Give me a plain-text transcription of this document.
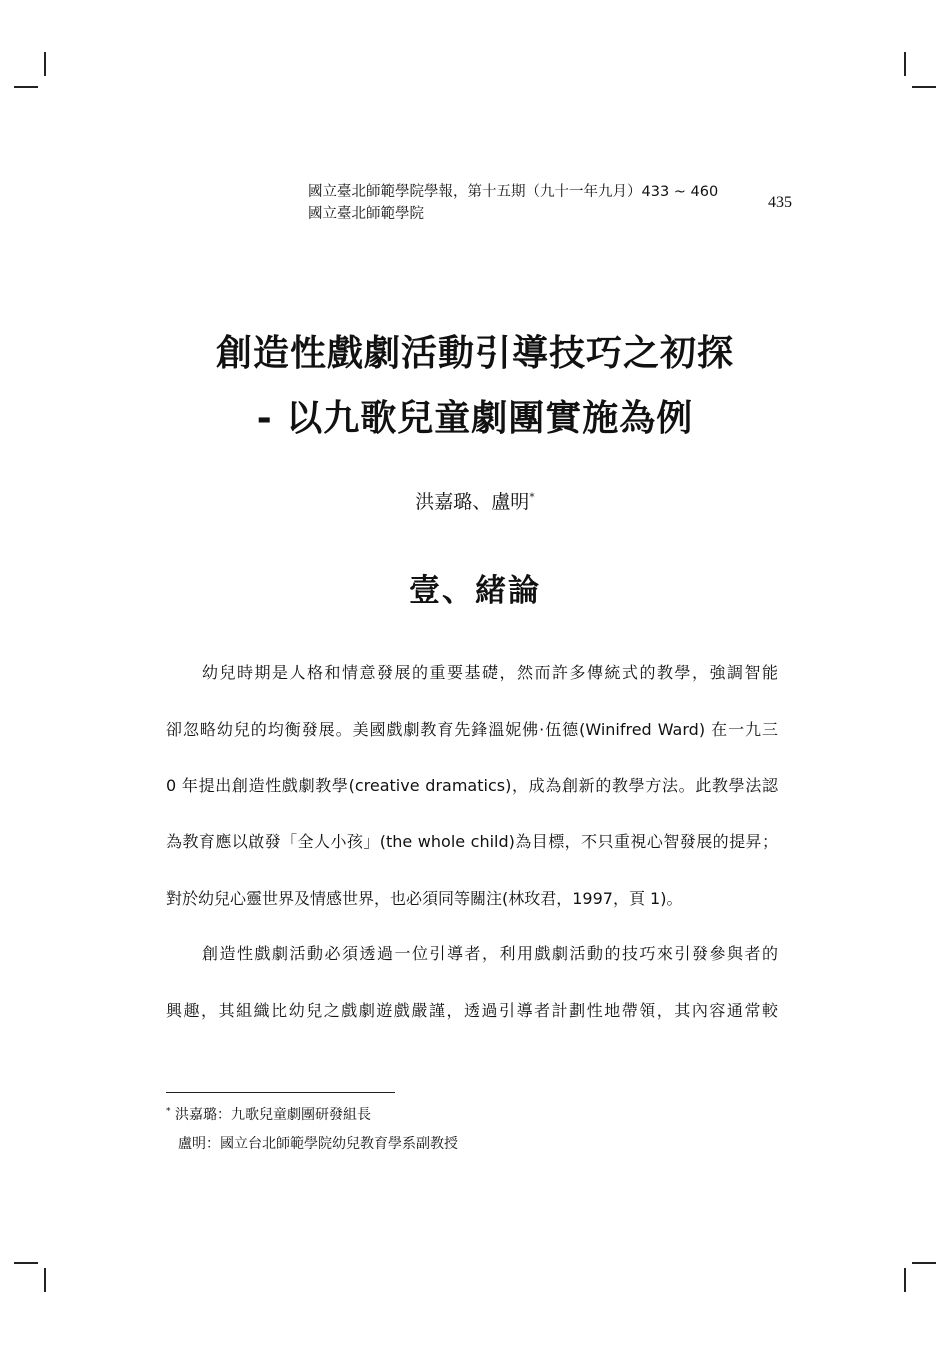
國立臺北師範學院學報，第十五期（九十一年九月）433 ~ 460
國立臺北師範學院
435
創造性戲劇活動引導技巧之初探
- 以九歌兒童劇團實施為例
洪嘉璐、盧明*
壹、緒論
幼兒時期是人格和情意發展的重要基礎，然而許多傳統式的教學，強調智能
卻忽略幼兒的均衡發展。美國戲劇教育先鋒溫妮佛·伍德(Winifred Ward) 在一九三
0 年提出創造性戲劇教學(creative dramatics)，成為創新的教學方法。此教學法認
為教育應以啟發「全人小孩」(the whole child)為目標，不只重視心智發展的提昇；
對於幼兒心靈世界及情感世界，也必須同等關注(林玫君，1997，頁 1)。
創造性戲劇活動必須透過一位引導者，利用戲劇活動的技巧來引發參與者的
興趣，其組織比幼兒之戲劇遊戲嚴謹，透過引導者計劃性地帶領，其內容通常較
* 洪嘉璐：九歌兒童劇團研發組長
盧明：國立台北師範學院幼兒教育學系副教授
